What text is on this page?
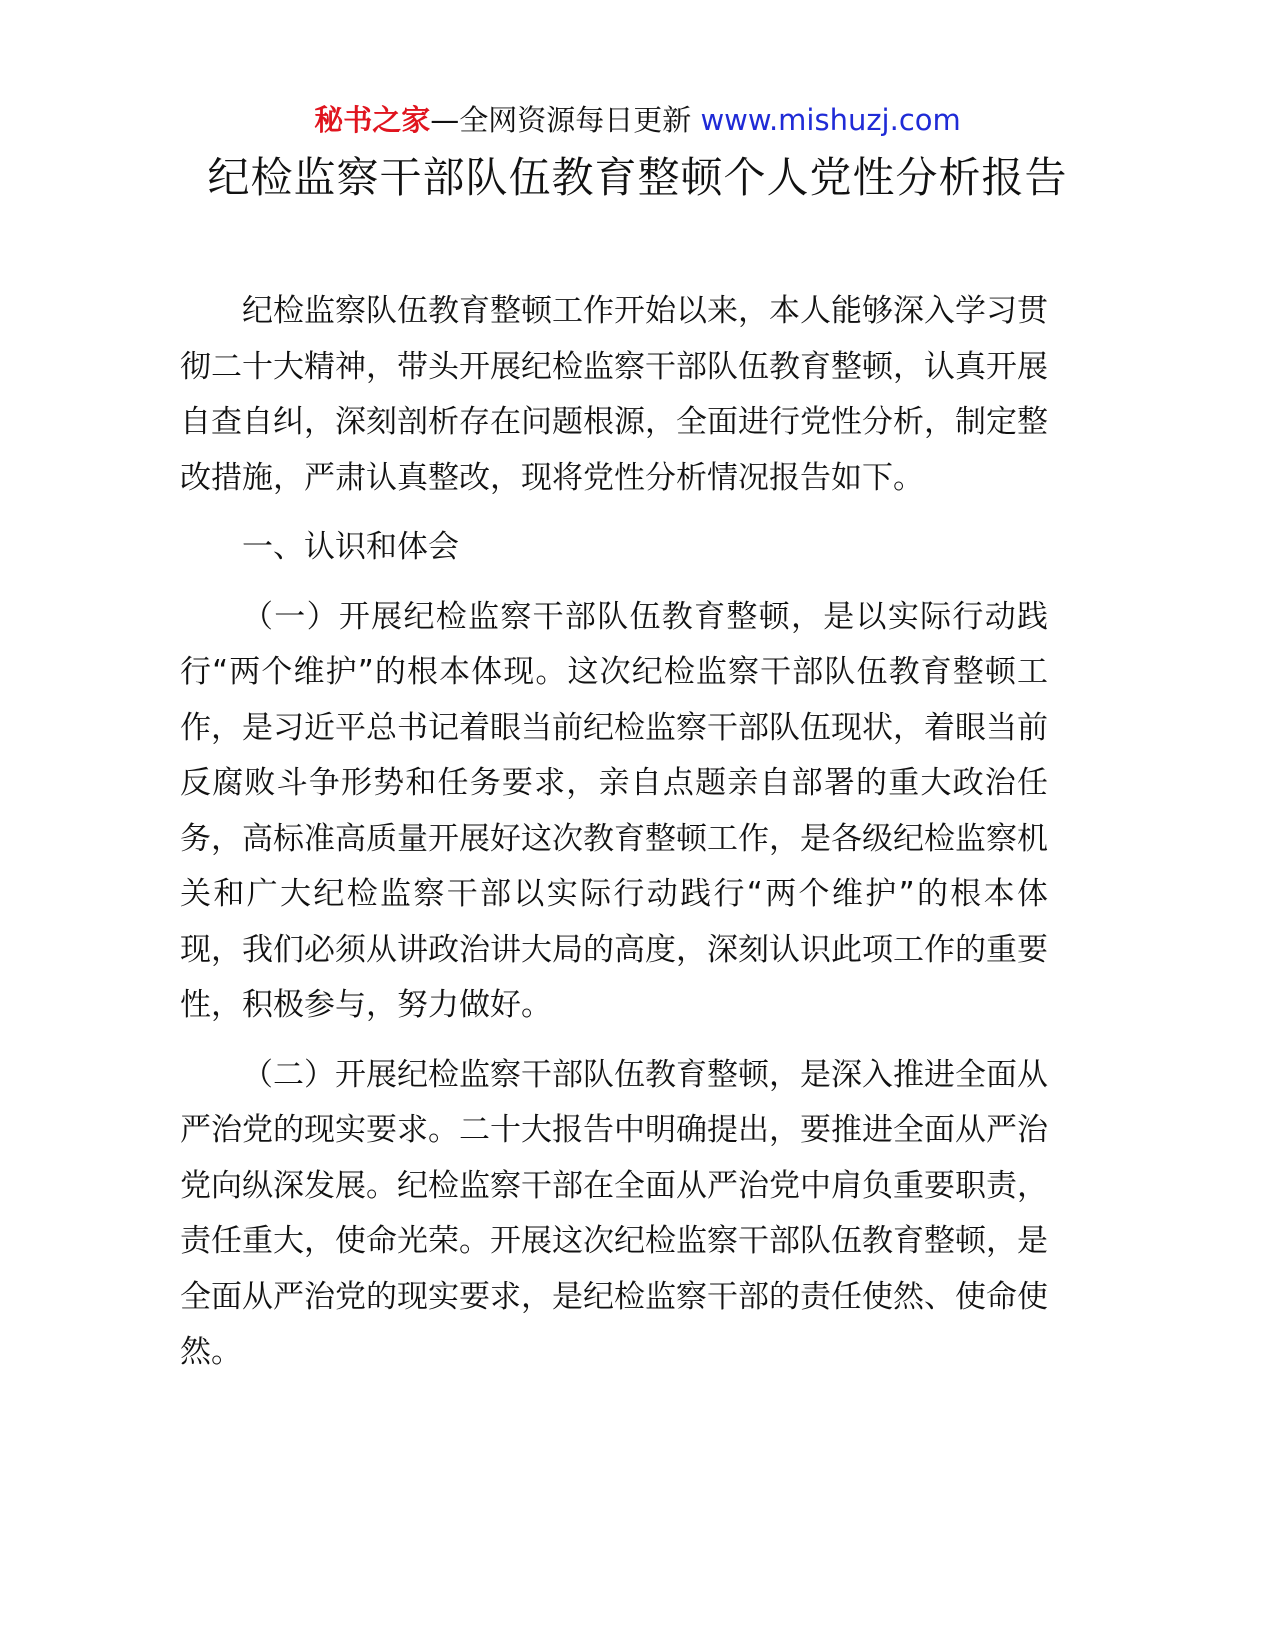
秘书之家—全网资源每日更新 www.mishuzj.com
纪检监察干部队伍教育整顿个人党性分析报告

纪检监察队伍教育整顿工作开始以来，本人能够深入学习贯彻二十大精神，带头开展纪检监察干部队伍教育整顿，认真开展自查自纠，深刻剖析存在问题根源，全面进行党性分析，制定整改措施，严肃认真整改，现将党性分析情况报告如下。

一、认识和体会

（一）开展纪检监察干部队伍教育整顿，是以实际行动践行“两个维护”的根本体现。这次纪检监察干部队伍教育整顿工作，是习近平总书记着眼当前纪检监察干部队伍现状，着眼当前反腐败斗争形势和任务要求，亲自点题亲自部署的重大政治任务，高标准高质量开展好这次教育整顿工作，是各级纪检监察机关和广大纪检监察干部以实际行动践行“两个维护”的根本体现，我们必须从讲政治讲大局的高度，深刻认识此项工作的重要性，积极参与，努力做好。

（二）开展纪检监察干部队伍教育整顿，是深入推进全面从严治党的现实要求。二十大报告中明确提出，要推进全面从严治党向纵深发展。纪检监察干部在全面从严治党中肩负重要职责，责任重大，使命光荣。开展这次纪检监察干部队伍教育整顿，是全面从严治党的现实要求，是纪检监察干部的责任使然、使命使然。
